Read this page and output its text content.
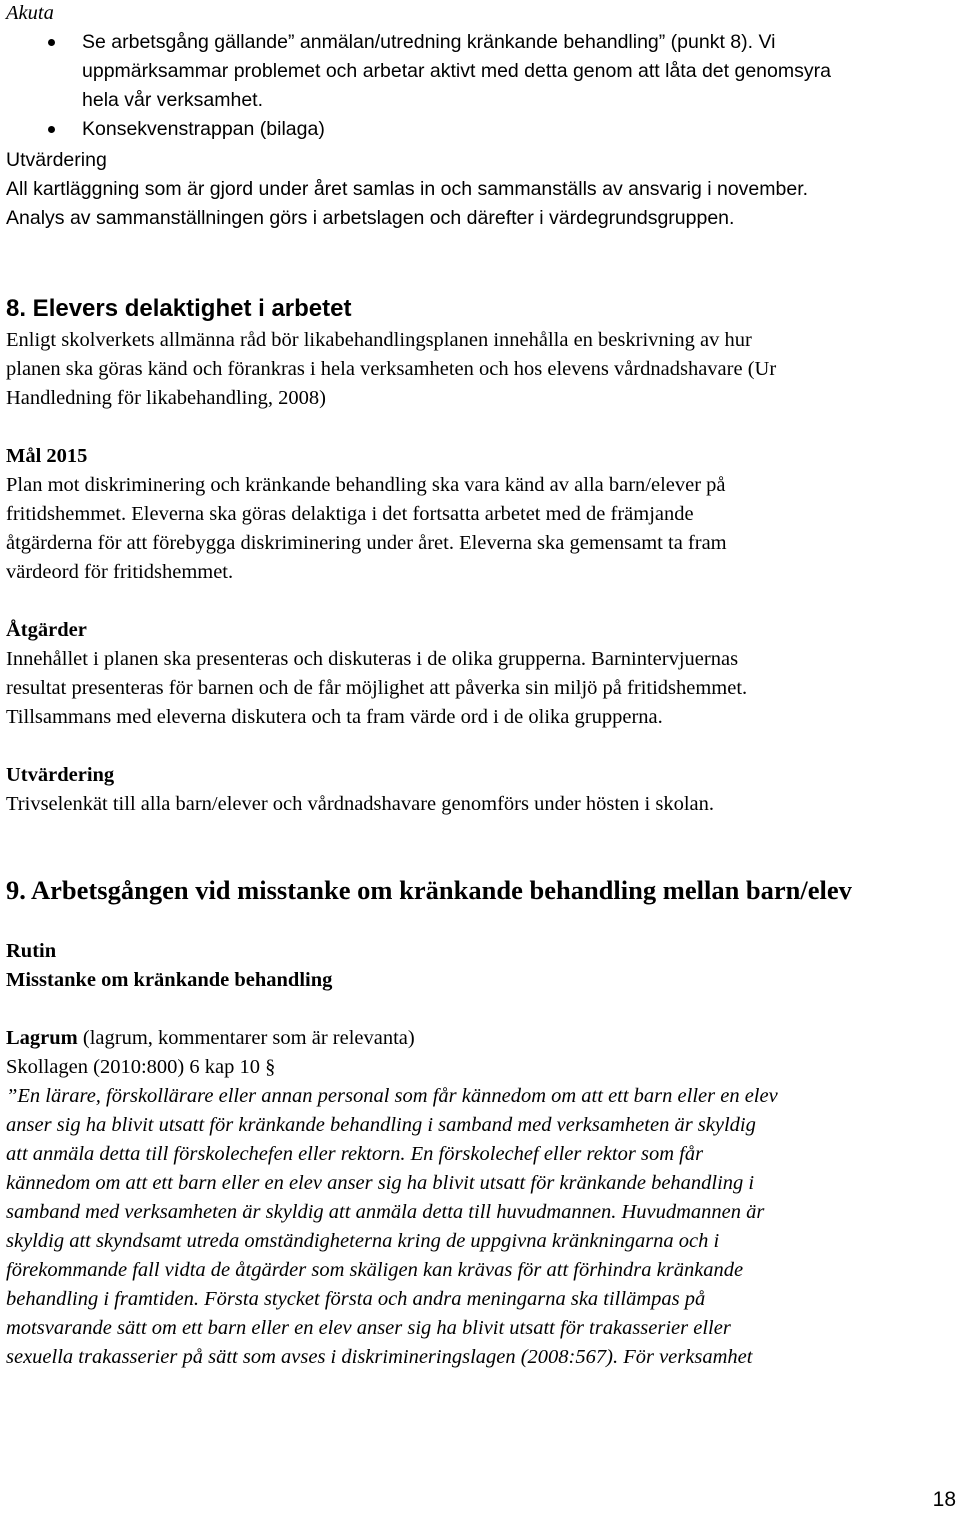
Akuta

Se arbetsgång gällande” anmälan/utredning kränkande behandling” (punkt 8). Vi

uppmärksammar problemet och arbetar aktivt med detta genom att låta det genomsyra

hela vår verksamhet.

Konsekvenstrappan (bilaga)

Utvärdering

All kartläggning som är gjord under året samlas in och sammanställs av ansvarig i november.

Analys av sammanställningen görs i arbetslagen och därefter i värdegrundsgruppen.

8. Elevers delaktighet i arbetet

Enligt skolverkets allmänna råd bör likabehandlingsplanen innehålla en beskrivning av hur

planen ska göras känd och förankras i hela verksamheten och hos elevens vårdnadshavare (Ur

Handledning för likabehandling, 2008)

Mål 2015

Plan mot diskriminering och kränkande behandling ska vara känd av alla barn/elever på

fritidshemmet. Eleverna ska göras delaktiga i det fortsatta arbetet med de främjande

åtgärderna för att förebygga diskriminering under året. Eleverna ska gemensamt ta fram

värdeord för fritidshemmet.

Åtgärder

Innehållet i planen ska presenteras och diskuteras i de olika grupperna. Barnintervjuernas

resultat presenteras för barnen och de får möjlighet att påverka sin miljö på fritidshemmet.

Tillsammans med eleverna diskutera och ta fram värde ord i de olika grupperna.

Utvärdering

Trivselenkät till alla barn/elever och vårdnadshavare genomförs under hösten i skolan.

9. Arbetsgången vid misstanke om kränkande behandling mellan barn/elev

Rutin

Misstanke om kränkande behandling

Lagrum (lagrum, kommentarer som är relevanta)

Skollagen (2010:800) 6 kap 10 §

”En lärare, förskollärare eller annan personal som får kännedom om att ett barn eller en elev

anser sig ha blivit utsatt för kränkande behandling i samband med verksamheten är skyldig

att anmäla detta till förskolechefen eller rektorn. En förskolechef eller rektor som får

kännedom om att ett barn eller en elev anser sig ha blivit utsatt för kränkande behandling i

samband med verksamheten är skyldig att anmäla detta till huvudmannen. Huvudmannen är

skyldig att skyndsamt utreda omständigheterna kring de uppgivna kränkningarna och i

förekommande fall vidta de åtgärder som skäligen kan krävas för att förhindra kränkande

behandling i framtiden. Första stycket första och andra meningarna ska tillämpas på

motsvarande sätt om ett barn eller en elev anser sig ha blivit utsatt för trakasserier eller

sexuella trakasserier på sätt som avses i diskrimineringslagen (2008:567). För verksamhet

18
